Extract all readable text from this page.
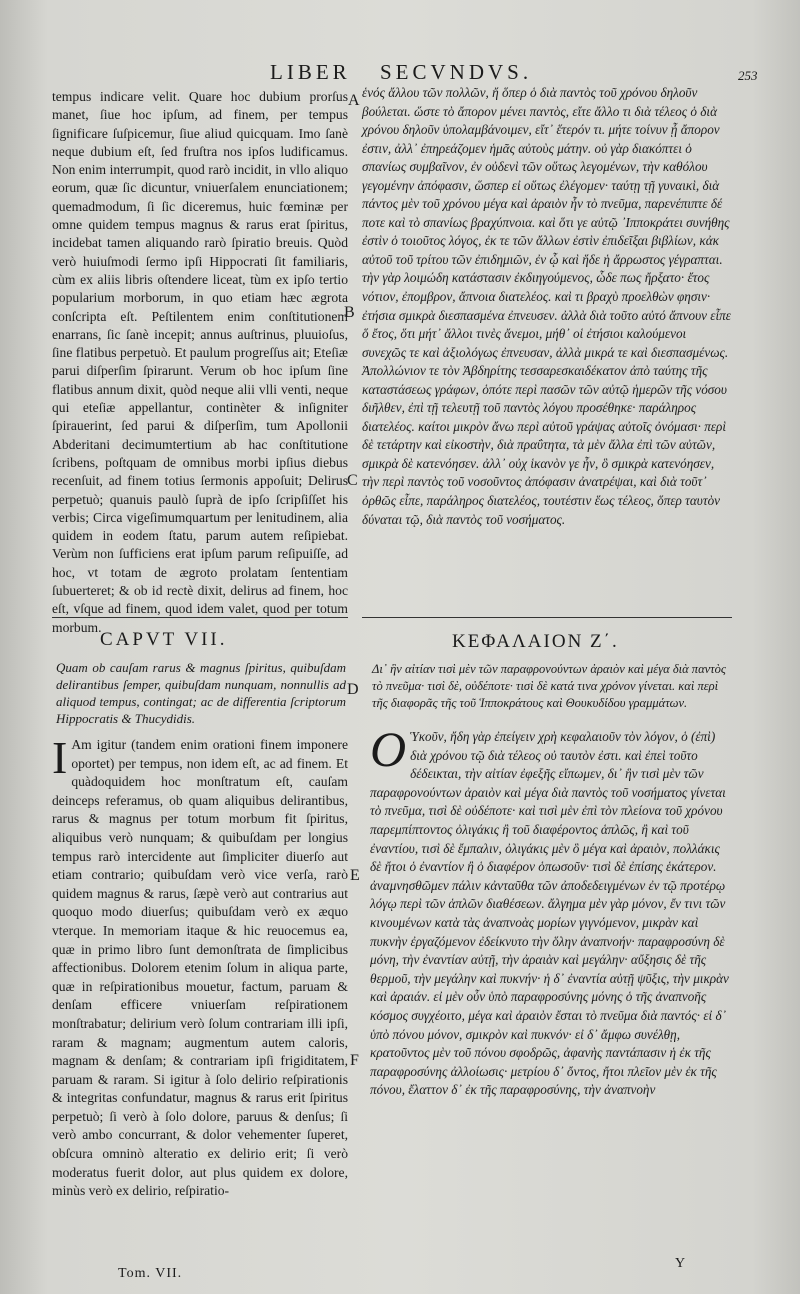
LIBER SECVNDVS.	253

tempus indicare velit. Quare hoc dubium prorſus manet, ſiue hoc ipſum, ad finem, per tempus ſignificare ſuſpicemur, ſiue aliud quicquam. Imo ſanè neque dubium eſt, ſed fruſtra nos ipſos ludificamus. Non enim interrumpit, quod rarò incidit, in vllo aliquo eorum, quæ ſic dicuntur, vniuerſalem enunciationem; quemadmodum, ſi ſic diceremus, huic fœminæ per omne quidem tempus magnus & rarus erat ſpiritus, incidebat tamen aliquando rarò ſpiratio breuis. Quòd verò huiuſmodi ſermo ipſi Hippocrati ſit familiaris, cùm ex aliis libris oſtendere liceat, tùm ex ipſo tertio popularium morborum, in quo etiam hæc ægrota conſcripta eſt. Peſtilentem enim conſtitutionem enarrans, ſic ſanè incepit; annus auſtrinus, pluuioſus, ſine flatibus perpetuò. Et paulum progreſſus ait; Eteſiæ parui diſperſim ſpirarunt. Verum ob hoc ipſum ſine flatibus annum dixit, quòd neque alii vlli venti, neque qui eteſiæ appellantur, continèter & inſigniter ſpirauerint, ſed parui & diſperſim, tum Apollonii Abderitani decimumtertium ab hac conſtitutione ſcribens, poſtquam de omnibus morbi ipſius diebus recenſuit, ad finem totius ſermonis appoſuit; Delirus perpetuò; quanuis paulò ſuprà de ipſo ſcripſiſſet his verbis; Circa vigeſimumquartum per lenitudinem, alia quidem in eodem ſtatu, parum autem reſipiebat. Verùm non ſufficiens erat ipſum parum reſipuiſſe, ad hoc, vt totam de ægroto prolatam ſententiam ſubuerteret; & ob id rectè dixit, delirus ad finem, hoc eſt, vſque ad finem, quod idem valet, quod per totum morbum.

ἑνός ἄλλου τῶν πολλῶν, ἤ ὅπερ ὁ διὰ παντὸς τοῦ χρόνου δηλοῦν βούλεται. ὥστε τὸ ἄπορον μένει παντὸς, εἴτε ἄλλο τι διὰ τέλεος ὁ διὰ χρόνου δηλοῦν ὑπολαμβάνοιμεν, εἴτ᾽ ἕτερόν τι. μήτε τοίνυν ᾖ ἄπορον ἐστιν, ἀλλ᾽ ἐπηρεάζομεν ἡμᾶς αὐτοὺς μάτην. οὐ γὰρ διακόπτει ὁ σπανίως συμβαῖνον, ἐν οὐδενὶ τῶν οὕτως λεγομένων, τὴν καθόλου γεγομένην ἀπόφασιν, ὥσπερ εἰ οὕτως ἐλέγομεν· ταύτῃ τῇ γυναικὶ, διὰ πάντος μὲν τοῦ χρόνου μέγα καὶ ἀραιὸν ἦν τὸ πνεῦμα, παρενέπιπτε δέ ποτε καὶ τὸ σπανίως βραχύπνοια. καὶ ὅτι γε αὐτῷ ᾽Ιπποκράτει συνήθης ἐστὶν ὁ τοιοῦτος λόγος, ἐκ τε τῶν ἄλλων ἐστὶν ἐπιδεῖξαι βιβλίων, κἀκ αὐτοῦ τοῦ τρίτου τῶν ἐπιδημιῶν, ἐν ᾧ καὶ ἥδε ἡ ἄρρωστος γέγραπται. τὴν γὰρ λοιμώδη κατάστασιν ἐκδιηγούμενος, ὧδε πως ἤρξατο· ἔτος νότιον, ἐπομβρον, ἄπνοια διατελέος. καὶ τι βραχὺ προελθὼν φησιν· ἐτήσια σμικρὰ διεσπασμένα ἐπνευσεν. ἀλλὰ διὰ τοῦτο αὐτό ἄπνουν εἶπε ὅ ἔτος, ὅτι μήτ᾽ ἄλλοι τινὲς ἄνεμοι, μήθ᾽ οἱ ἐτήσιοι καλούμενοι συνεχῶς τε καὶ ἀξιολόγως ἐπνευσαν, ἀλλὰ μικρά τε καὶ διεσπασμένως. Ἀπολλώνιον τε τὸν Ἀβδηρίτης τεσσαρεσκαιδέκατον ἀπὸ ταύτης τῆς καταστάσεως γράφων, ὁπότε περὶ πασῶν τῶν αὐτῷ ἡμερῶν τῆς νόσου διῆλθεν, ἐπὶ τῇ τελευτῇ τοῦ παντὸς λόγου προσέθηκε· παράληρος διατελέος. καίτοι μικρὸν ἄνω περὶ αὐτοῦ γράψας αὐτοῖς ὀνόμασι· περὶ δὲ τετάρτην καὶ εἰκοστὴν, διὰ πραΰτητα, τὰ μὲν ἄλλα ἐπὶ τῶν αὐτῶν, σμικρὰ δὲ κατενόησεν. ἀλλ᾽ οὐχ ἱκανὸν γε ἦν, ὃ σμικρὰ κατενόησεν, τὴν περὶ παντὸς τοῦ νοσοῦντος ἀπόφασιν ἀνατρέψαι, καὶ διὰ τοῦτ᾽ ὀρθῶς εἶπε, παράληρος διατελέος, τουτέστιν ἕως τέλεος, ὅπερ ταυτὸν δύναται τῷ, διὰ παντὸς τοῦ νοσήματος.

CAPVT VII.	ΚΕΦΑΛΑΙΟΝ Ζ΄.
Quam ob cauſam rarus & magnus ſpiritus, quibuſdam delirantibus ſemper, quibuſdam nunquam, nonnullis ad aliquod tempus, contingat; ac de differentia ſcriptorum Hippocratis & Thucydidis.
Δι᾽ ἣν αἰτίαν τισὶ μὲν τῶν παραφρονούντων ἀραιὸν καὶ μέγα διὰ παντὸς τὸ πνεῦμα· τισὶ δὲ, οὐδέποτε· τισὶ δὲ κατά τινα χρόνον γίνεται. καὶ περὶ τῆς διαφορᾶς τῆς τοῦ Ἱπποκράτους καὶ Θουκυδίδου γραμμάτων.

I Am igitur (tandem enim orationi finem imponere oportet) per tempus, non idem eſt, ac ad finem. Et quàdoquidem hoc monſtratum eſt, cauſam deinceps referamus, ob quam aliquibus delirantibus, rarus & magnus per totum morbum fit ſpiritus, aliquibus verò nunquam; & quibuſdam per longius tempus rarò intercidente aut ſimpliciter diuerſo aut etiam contrario; quibuſdam verò vice verſa, rarò quidem magnus & rarus, ſæpè verò aut contrarius aut quoquo modo diuerſus; quibuſdam verò ex æquo vterque. In memoriam itaque & hic reuocemus ea, quæ in primo libro ſunt demonſtrata de ſimplicibus affectionibus. Dolorem etenim ſolum in aliqua parte, quæ in reſpirationibus mouetur, factum, paruam & denſam efficere vniuerſam reſpirationem monſtrabatur; delirium verò ſolum contrariam illi ipſi, raram & magnam; augmentum autem caloris, magnam & denſam; & contrariam ipſi frigiditatem, paruam & raram. Si igitur à ſolo delirio reſpirationis & integritas confundatur, magnus & rarus erit ſpiritus perpetuò; ſi verò à ſolo dolore, paruus & denſus; ſi verò ambo concurrant, & dolor vehementer ſuperet, obſcura omninò alteratio ex delirio erit; ſi verò moderatus fuerit dolor, aut plus quidem ex dolore, minùs verò ex delirio, reſpiratio-

Ο Ὑκοῦν, ἤδη γὰρ ἐπείγειν χρὴ κεφαλαιοῦν τὸν λόγον, ὁ (ἐπὶ) διὰ χρόνου τῷ διὰ τέλεος οὐ ταυτὸν ἐστι. καὶ ἐπεὶ τοῦτο δέδεικται, τὴν αἰτίαν ἐφεξῆς εἴπωμεν, δι᾽ ἣν τισὶ μὲν τῶν παραφρονούντων ἀραιὸν καὶ μέγα διὰ παντὸς τοῦ νοσήματος γίνεται τὸ πνεῦμα, τισὶ δὲ οὐδέποτε· καὶ τισὶ μὲν ἐπὶ τὸν πλείονα τοῦ χρόνου παρεμπίπτοντος ὀλιγάκις ἢ τοῦ διαφέροντος ἁπλῶς, ἢ καὶ τοῦ ἐναντίου, τισὶ δὲ ἔμπαλιν, ὀλιγάκις μὲν ὃ μέγα καὶ ἀραιὸν, πολλάκις δὲ ἤτοι ὁ ἐναντίον ἢ ὁ διαφέρον ὁπωσοῦν· τισὶ δὲ ἐπίσης ἑκάτερον. ἀναμνησθῶμεν πάλιν κἀνταῦθα τῶν ἀποδεδειγμένων ἐν τῷ προτέρῳ λόγῳ περὶ τῶν ἁπλῶν διαθέσεων. ἄλγημα μὲν γὰρ μόνον, ἔν τινι τῶν κινουμένων κατὰ τὰς ἀναπνοὰς μορίων γιγνόμενον, μικρὰν καὶ πυκνὴν ἐργαζόμενον ἐδείκνυτο τὴν ὅλην ἀναπνοήν· παραφροσύνη δὲ μόνη, τὴν ἐναντίαν αὐτῇ, τὴν ἀραιὰν καὶ μεγάλην· αὔξησις δὲ τῆς θερμοῦ, τὴν μεγάλην καὶ πυκνήν· ἡ δ᾽ ἐναντία αὐτῇ ψῦξις, τὴν μικρὰν καὶ ἀραιάν. εἰ μὲν οὖν ὑπὸ παραφροσύνης μόνης ὁ τῆς ἀναπνοῆς κόσμος συγχέοιτο, μέγα καὶ ἀραιὸν ἔσται τὸ πνεῦμα διὰ παντός· εἰ δ᾽ ὑπὸ πόνου μόνον, σμικρὸν καὶ πυκνόν· εἰ δ᾽ ἄμφω συνέλθῃ, κρατοῦντος μὲν τοῦ πόνου σφοδρῶς, ἀφανὴς παντάπασιν ἡ ἐκ τῆς παραφροσύνης ἀλλοίωσις· μετρίου δ᾽ ὄντος, ἤτοι πλεῖον μὲν ἐκ τῆς πόνου, ἔλαττον δ᾽ ἐκ τῆς παραφροσύνης, τὴν ἀναπνοὴν

A
B
C
D
E
F
Tom. VII.
Y
